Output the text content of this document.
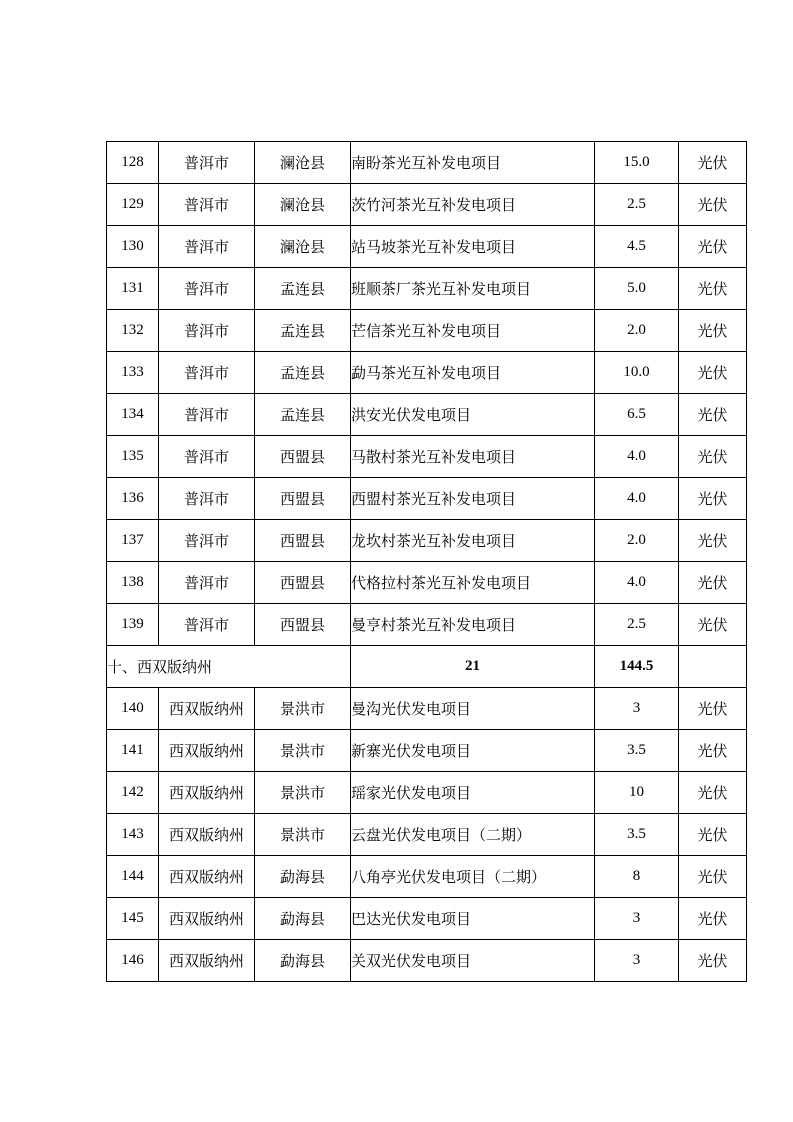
128	普洱市	澜沧县	南盼茶光互补发电项目	15.0	光伏
129	普洱市	澜沧县	茨竹河茶光互补发电项目	2.5	光伏
130	普洱市	澜沧县	站马坡茶光互补发电项目	4.5	光伏
131	普洱市	孟连县	班顺茶厂茶光互补发电项目	5.0	光伏
132	普洱市	孟连县	芒信茶光互补发电项目	2.0	光伏
133	普洱市	孟连县	勐马茶光互补发电项目	10.0	光伏
134	普洱市	孟连县	洪安光伏发电项目	6.5	光伏
135	普洱市	西盟县	马散村茶光互补发电项目	4.0	光伏
136	普洱市	西盟县	西盟村茶光互补发电项目	4.0	光伏
137	普洱市	西盟县	龙坎村茶光互补发电项目	2.0	光伏
138	普洱市	西盟县	代格拉村茶光互补发电项目	4.0	光伏
139	普洱市	西盟县	曼亨村茶光互补发电项目	2.5	光伏
十、西双版纳州			21	144.5	
140	西双版纳州	景洪市	曼沟光伏发电项目	3	光伏
141	西双版纳州	景洪市	新寨光伏发电项目	3.5	光伏
142	西双版纳州	景洪市	瑶家光伏发电项目	10	光伏
143	西双版纳州	景洪市	云盘光伏发电项目（二期）	3.5	光伏
144	西双版纳州	勐海县	八角亭光伏发电项目（二期）	8	光伏
145	西双版纳州	勐海县	巴达光伏发电项目	3	光伏
146	西双版纳州	勐海县	关双光伏发电项目	3	光伏
